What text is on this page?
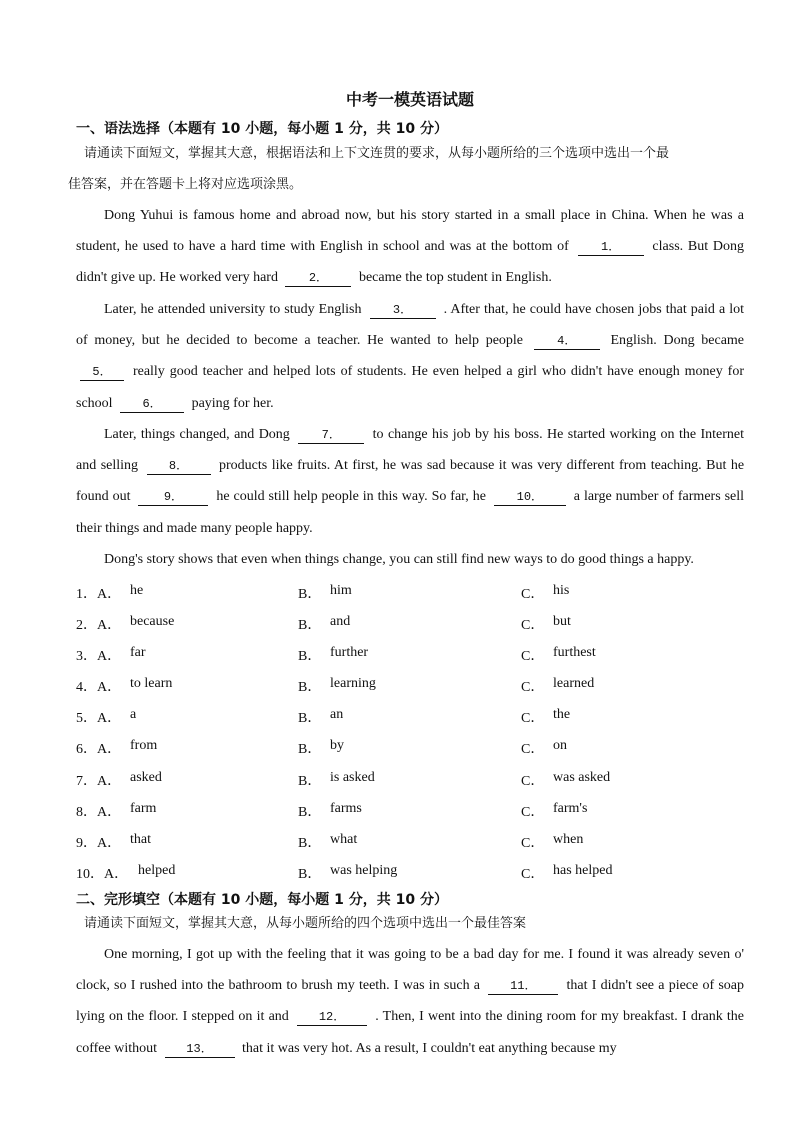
中考一模英语试题
一、语法选择（本题有 10 小题，每小题 1 分，共 10 分）
请通读下面短文，掌握其大意，根据语法和上下文连贯的要求，从每小题所给的三个选项中选出一个最
佳答案，并在答题卡上将对应选项涂黑。
Dong Yuhui is famous home and abroad now, but his story started in a small place in China. When he was a student, he used to have a hard time with English in school and was at the bottom of	1． class. But Dong didn't give up. He worked very hard	2． became the top student in English.
Later, he attended university to study English	3． . After that, he could have chosen jobs that paid a lot of money, but he decided to become a teacher. He wanted to help people	4． English. Dong became 5． really good teacher and helped lots of students. He even helped a girl who didn't have enough money for school 6． paying for her.
Later, things changed, and Dong	7． to change his job by his boss. He started working on the Internet and selling	8． products like fruits. At first, he was sad because it was very different from teaching. But he found out	9． he could still help people in this way. So far, he	10． a large number of farmers sell their things and made many people happy.
Dong's story shows that even when things change, you can still find new ways to do good things a happy.
1．A． he	B． him	C． his
2．A． because	B． and	C． but
3．A． far	B． further	C． furthest
4．A． to learn	B． learning	C． learned
5．A． a	B． an	C． the
6．A． from	B． by	C． on
7．A． asked	B． is asked	C． was asked
8．A． farm	B． farms	C． farm's
9．A． that	B． what	C． when
10．A． helped	B． was helping	C． has helped
二、完形填空（本题有 10 小题，每小题 1 分，共 10 分）
请通读下面短文，掌握其大意，从每小题所给的四个选项中选出一个最佳答案
One morning, I got up with the feeling that it was going to be a bad day for me. I found it was already seven o' clock, so I rushed into the bathroom to brush my teeth. I was in such a	11． that I didn't see a piece of soap lying on the floor. I stepped on it and	12． . Then, I went into the dining room for my breakfast. I drank the coffee without 13． that it was very hot. As a result, I couldn't eat anything because my
